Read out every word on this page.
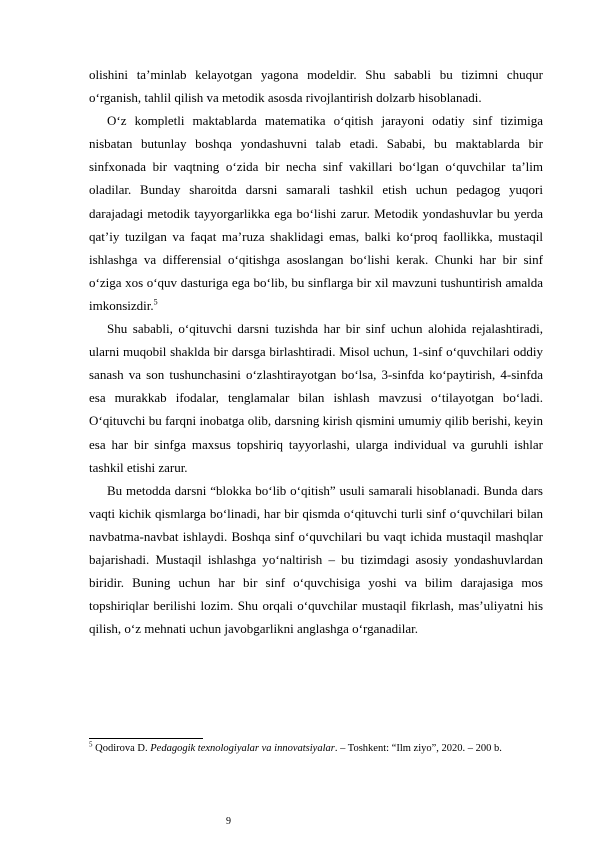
olishini ta’minlab kelayotgan yagona modeldir. Shu sababli bu tizimni chuqur o‘rganish, tahlil qilish va metodik asosda rivojlantirish dolzarb hisoblanadi.

O‘z kompletli maktablarda matematika o‘qitish jarayoni odatiy sinf tizimiga nisbatan butunlay boshqa yondashuvni talab etadi. Sababi, bu maktablarda bir sinfxonada bir vaqtning o‘zida bir necha sinf vakillari bo‘lgan o‘quvchilar ta’lim oladilar. Bunday sharoitda darsni samarali tashkil etish uchun pedagog yuqori darajadagi metodik tayyorgarlikka ega bo‘lishi zarur. Metodik yondashuvlar bu yerda qat’iy tuzilgan va faqat ma’ruza shaklidagi emas, balki ko‘proq faollikka, mustaqil ishlashga va differensial o‘qitishga asoslangan bo‘lishi kerak. Chunki har bir sinf o‘ziga xos o‘quv dasturiga ega bo‘lib, bu sinflarga bir xil mavzuni tushuntirish amalda imkonsizdir.$^5$

Shu sababli, o‘qituvchi darsni tuzishda har bir sinf uchun alohida rejalashtiradi, ularni muqobil shaklda bir darsga birlashtiradi. Misol uchun, 1-sinf o‘quvchilari oddiy sanash va son tushunchasini o‘zlashtirayotgan bo‘lsa, 3-sinfda ko‘paytirish, 4-sinfda esa murakkab ifodalar, tenglamalar bilan ishlash mavzusi o‘tilayotgan bo‘ladi. O‘qituvchi bu farqni inobatga olib, darsning kirish qismini umumiy qilib berishi, keyin esa har bir sinfga maxsus topshiriq tayyorlashi, ularga individual va guruhli ishlar tashkil etishi zarur.

Bu metodda darsni “blokka bo‘lib o‘qitish” usuli samarali hisoblanadi. Bunda dars vaqti kichik qismlarga bo‘linadi, har bir qismda o‘qituvchi turli sinf o‘quvchilari bilan navbatma-navbat ishlaydi. Boshqa sinf o‘quvchilari bu vaqt ichida mustaqil mashqlar bajarishadi. Mustaqil ishlashga yo‘naltirish – bu tizimdagi asosiy yondashuvlardan biridir. Buning uchun har bir sinf o‘quvchisiga yoshi va bilim darajasiga mos topshiriqlar berilishi lozim. Shu orqali o‘quvchilar mustaqil fikrlash, mas’uliyatni his qilish, o‘z mehnati uchun javobgarlikni anglashga o‘rganadilar.

$^5$ Qodirova D. Pedagogik texnologiyalar va innovatsiyalar. – Toshkent: “Ilm ziyo”, 2020. – 200 b.
9
